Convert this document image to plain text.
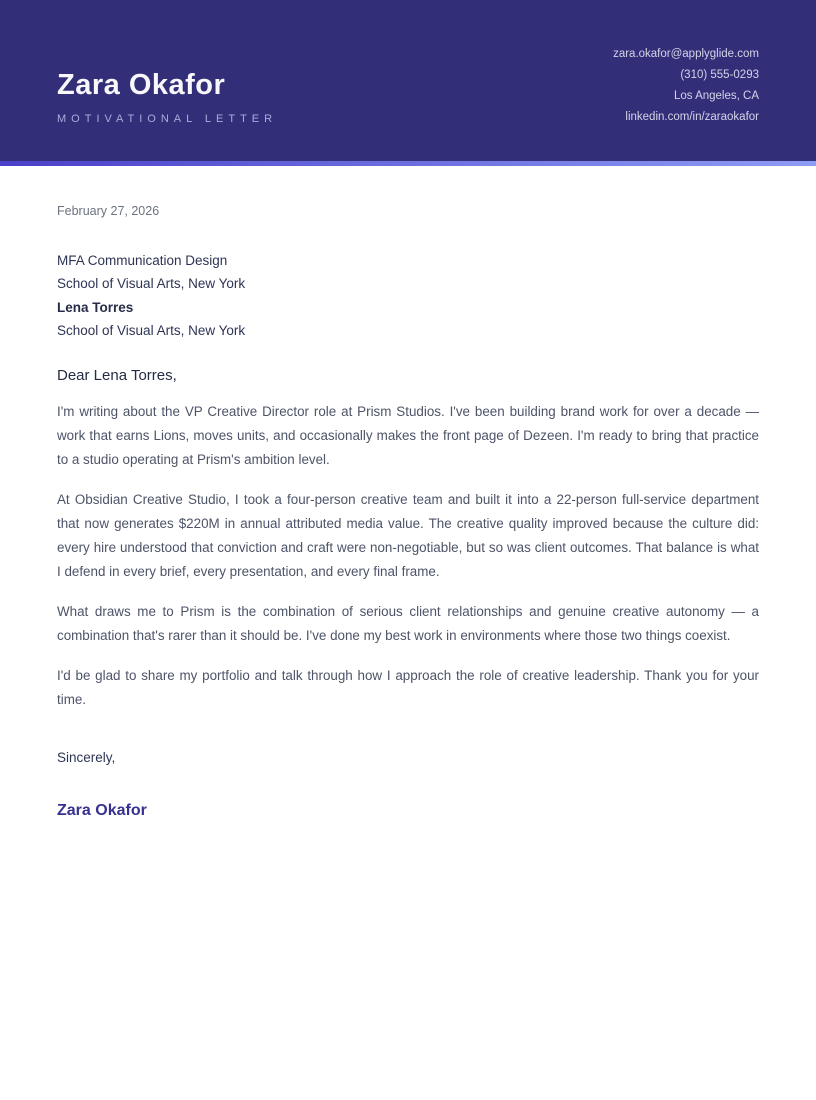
Zara Okafor
MOTIVATIONAL LETTER
zara.okafor@applyglide.com
(310) 555-0293
Los Angeles, CA
linkedin.com/in/zaraokafor
February 27, 2026
MFA Communication Design
School of Visual Arts, New York
Lena Torres
School of Visual Arts, New York
Dear Lena Torres,

I'm writing about the VP Creative Director role at Prism Studios. I've been building brand work for over a decade — work that earns Lions, moves units, and occasionally makes the front page of Dezeen. I'm ready to bring that practice to a studio operating at Prism's ambition level.

At Obsidian Creative Studio, I took a four-person creative team and built it into a 22-person full-service department that now generates $220M in annual attributed media value. The creative quality improved because the culture did: every hire understood that conviction and craft were non-negotiable, but so was client outcomes. That balance is what I defend in every brief, every presentation, and every final frame.

What draws me to Prism is the combination of serious client relationships and genuine creative autonomy — a combination that's rarer than it should be. I've done my best work in environments where those two things coexist.

I'd be glad to share my portfolio and talk through how I approach the role of creative leadership. Thank you for your time.

Sincerely,
Zara Okafor
